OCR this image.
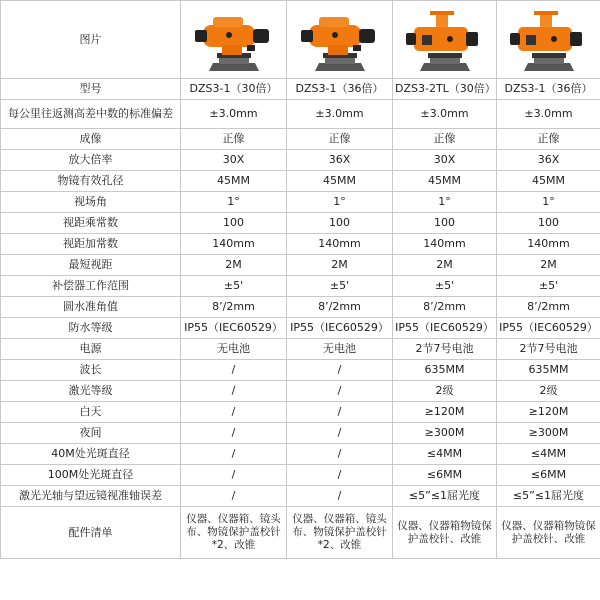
图片	

型号	DZS3-1（30倍）	DZS3-1（36倍）	DZS3-2TL（30倍）	DZS3-1（36倍）
每公里往返测高差中数的标准偏差	±3.0mm	±3.0mm	±3.0mm	±3.0mm
成像	正像	正像	正像	正像
放大倍率	30X	36X	30X	36X
物镜有效孔径	45MM	45MM	45MM	45MM
视场角	1°	1°	1°	1°
视距乘常数	100	100	100	100
视距加常数	140mm	140mm	140mm	140mm
最短视距	2M	2M	2M	2M
补偿器工作范围	±5'	±5'	±5'	±5'
圆水准角值	8’/2mm	8’/2mm	8’/2mm	8’/2mm
防水等级	IP55（IEC60529）	IP55（IEC60529）	IP55（IEC60529）	IP55（IEC60529）
电源	无电池	无电池	2节7号电池	2节7号电池
波长	/	/	635MM	635MM
激光等级	/	/	2级	2级
白天	/	/	≥120M	≥120M
夜间	/	/	≥300M	≥300M
40M处光斑直径	/	/	≤4MM	≤4MM
100M处光斑直径	/	/	≤6MM	≤6MM
激光光轴与望远镜视准轴误差	/	/	≤5”≤1屈光度	≤5”≤1屈光度
配件清单	仪器、仪器箱、镜头布、物镜保护盖校针*2、改锥	仪器、仪器箱、镜头布、物镜保护盖校针*2、改锥	仪器、仪器箱物镜保护盖校针、改锥	仪器、仪器箱物镜保护盖校针、改锥
